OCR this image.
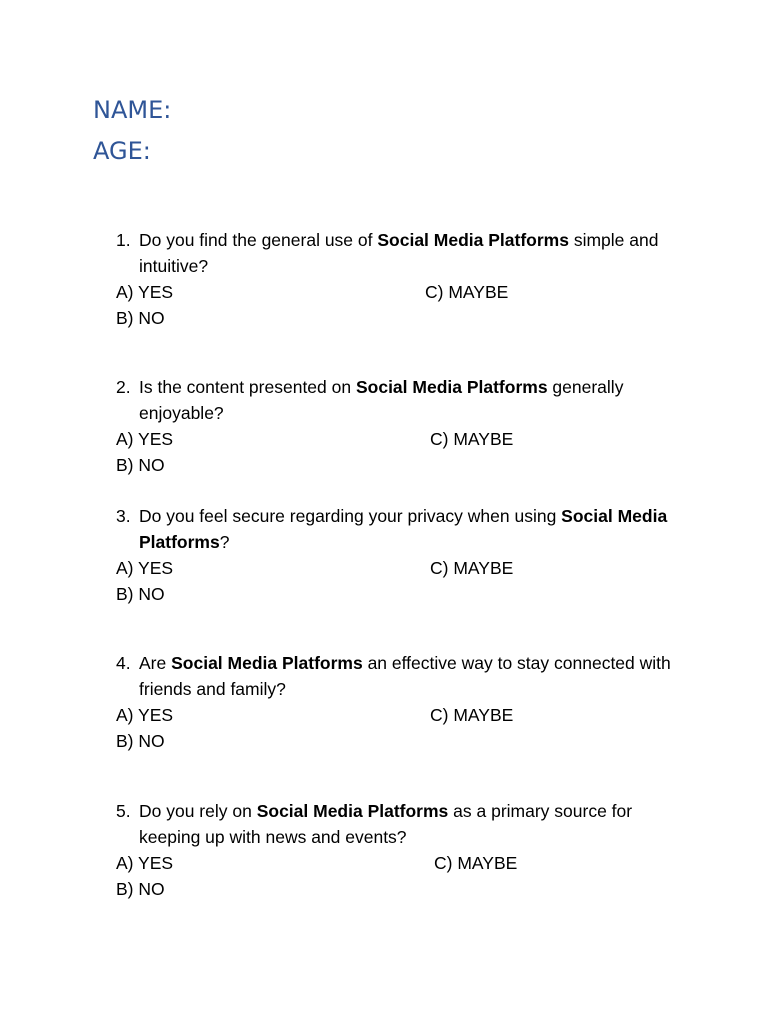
NAME:
AGE:
1. Do you find the general use of Social Media Platforms simple and intuitive?
A) YES	C) MAYBE
B) NO
2. Is the content presented on Social Media Platforms generally enjoyable?
A) YES	C) MAYBE
B) NO
3. Do you feel secure regarding your privacy when using Social Media Platforms?
A) YES	C) MAYBE
B) NO
4. Are Social Media Platforms an effective way to stay connected with friends and family?
A) YES	C) MAYBE
B) NO
5. Do you rely on Social Media Platforms as a primary source for keeping up with news and events?
A) YES	C) MAYBE
B) NO
